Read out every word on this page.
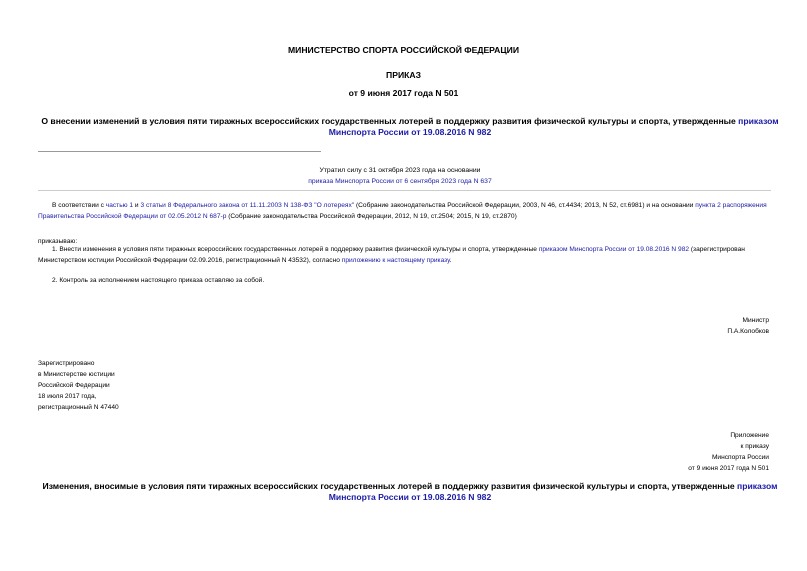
МИНИСТЕРСТВО СПОРТА РОССИЙСКОЙ ФЕДЕРАЦИИ
ПРИКАЗ
от 9 июня 2017 года N 501
О внесении изменений в условия пяти тиражных всероссийских государственных лотерей в поддержку развития физической культуры и спорта, утвержденные приказом Минспорта России от 19.08.2016 N 982
Утратил силу с 31 октября 2023 года на основании
приказа Минспорта России от 6 сентября 2023 года N 637
В соответствии с частью 1 и 3 статьи 8 Федерального закона от 11.11.2003 N 138-ФЗ "О лотереях" (Собрание законодательства Российской Федерации, 2003, N 46, ст.4434; 2013, N 52, ст.6981) и на основании пункта 2 распоряжения Правительства Российской Федерации от 02.05.2012 N 687-р (Собрание законодательства Российской Федерации, 2012, N 19, ст.2504; 2015, N 19, ст.2870)
приказываю:
1. Внести изменения в условия пяти тиражных всероссийских государственных лотерей в поддержку развития физической культуры и спорта, утвержденные приказом Минспорта России от 19.08.2016 N 982 (зарегистрирован Министерством юстиции Российской Федерации 02.09.2016, регистрационный N 43532), согласно приложению к настоящему приказу.
2. Контроль за исполнением настоящего приказа оставляю за собой.
Министр
П.А.Колобков
Зарегистрировано
в Министерстве юстиции
Российской Федерации
18 июля 2017 года,
регистрационный N 47440
Приложение
к приказу
Минспорта России
от 9 июня 2017 года N 501
Изменения, вносимые в условия пяти тиражных всероссийских государственных лотерей в поддержку развития физической культуры и спорта, утвержденные приказом Минспорта России от 19.08.2016 N 982
